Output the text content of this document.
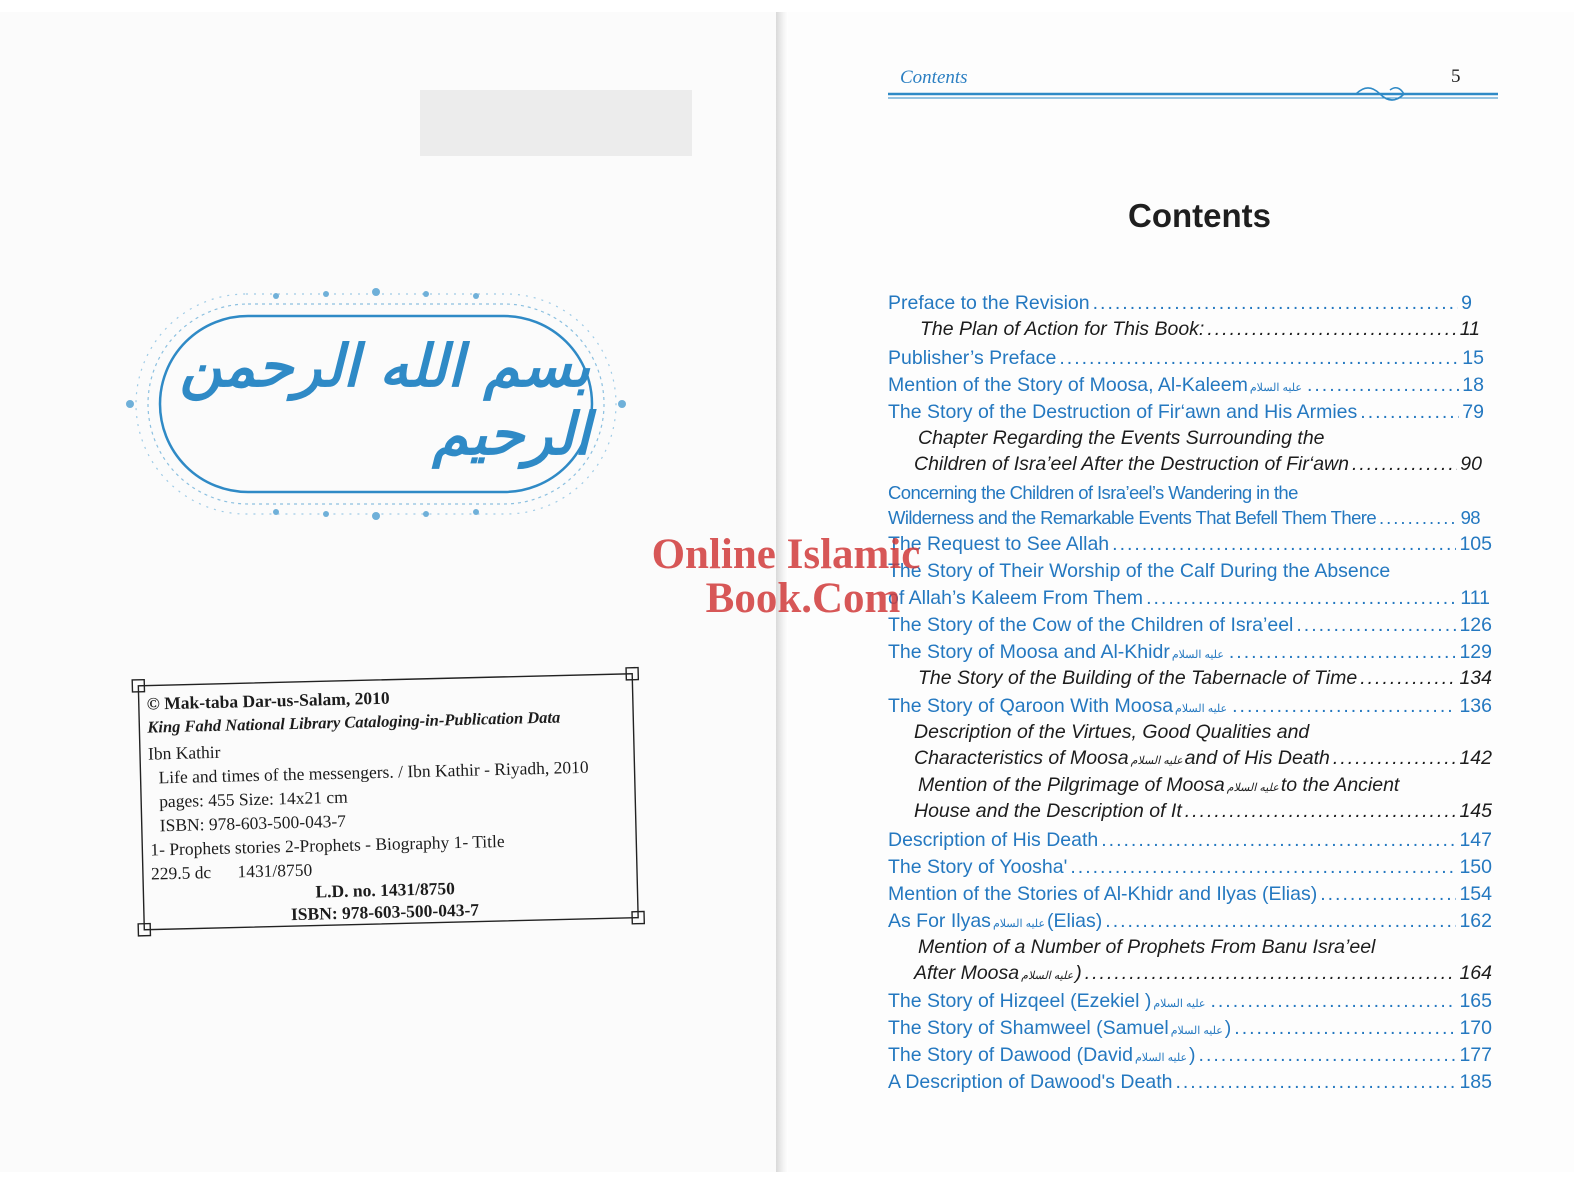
بسم الله الرحمن الرحيم
© Mak-taba Dar-us-Salam, 2010
King Fahd National Library Cataloging-in-Publication Data
Ibn Kathir
Life and times of the messengers. / Ibn Kathir - Riyadh, 2010
pages: 455 Size: 14x21 cm
ISBN: 978-603-500-043-7
1- Prophets stories 2-Prophets - Biography 1- Title
229.5 dc      1431/8750
L.D. no. 1431/8750
ISBN: 978-603-500-043-7
Contents	5
Contents
Preface to the Revision .....	9
The Plan of Action for This Book: .....	11
Publisher’s Preface .....	15
Mention of the Story of Moosa, Al-Kaleem عليه السلام .....	18
The Story of the Destruction of Fir‘awn and His Armies .....	79
Chapter Regarding the Events Surrounding the
Children of Isra’eel After the Destruction of Fir‘awn .....	90
Concerning the Children of Isra’eel’s Wandering in the
Wilderness and the Remarkable Events That Befell Them There .....	98
The Request to See Allah .....	105
The Story of Their Worship of the Calf During the Absence
of Allah’s Kaleem From Them .....	111
The Story of the Cow of the Children of Isra’eel .....	126
The Story of Moosa and Al-Khidr عليه السلام .....	129
The Story of the Building of the Tabernacle of Time .....	134
The Story of Qaroon With Moosa عليه السلام .....	136
Description of the Virtues, Good Qualities and
Characteristics of Moosa عليه السلام and of His Death .....	142
Mention of the Pilgrimage of Moosa عليه السلام to the Ancient
House and the Description of It .....	145
Description of His Death .....	147
The Story of Yoosha' .....	150
Mention of the Stories of Al-Khidr and Ilyas (Elias) .....	154
As For Ilyas عليه السلام (Elias) .....	162
Mention of a Number of Prophets From Banu Isra’eel
After Moosa عليه السلام ) .....	164
The Story of Hizqeel (Ezekiel ) عليه السلام .....	165
The Story of Shamweel (Samuel عليه السلام ) .....	170
The Story of Dawood (David عليه السلام ) .....	177
A Description of Dawood's Death .....	185
Online Islamic

Book.Com
